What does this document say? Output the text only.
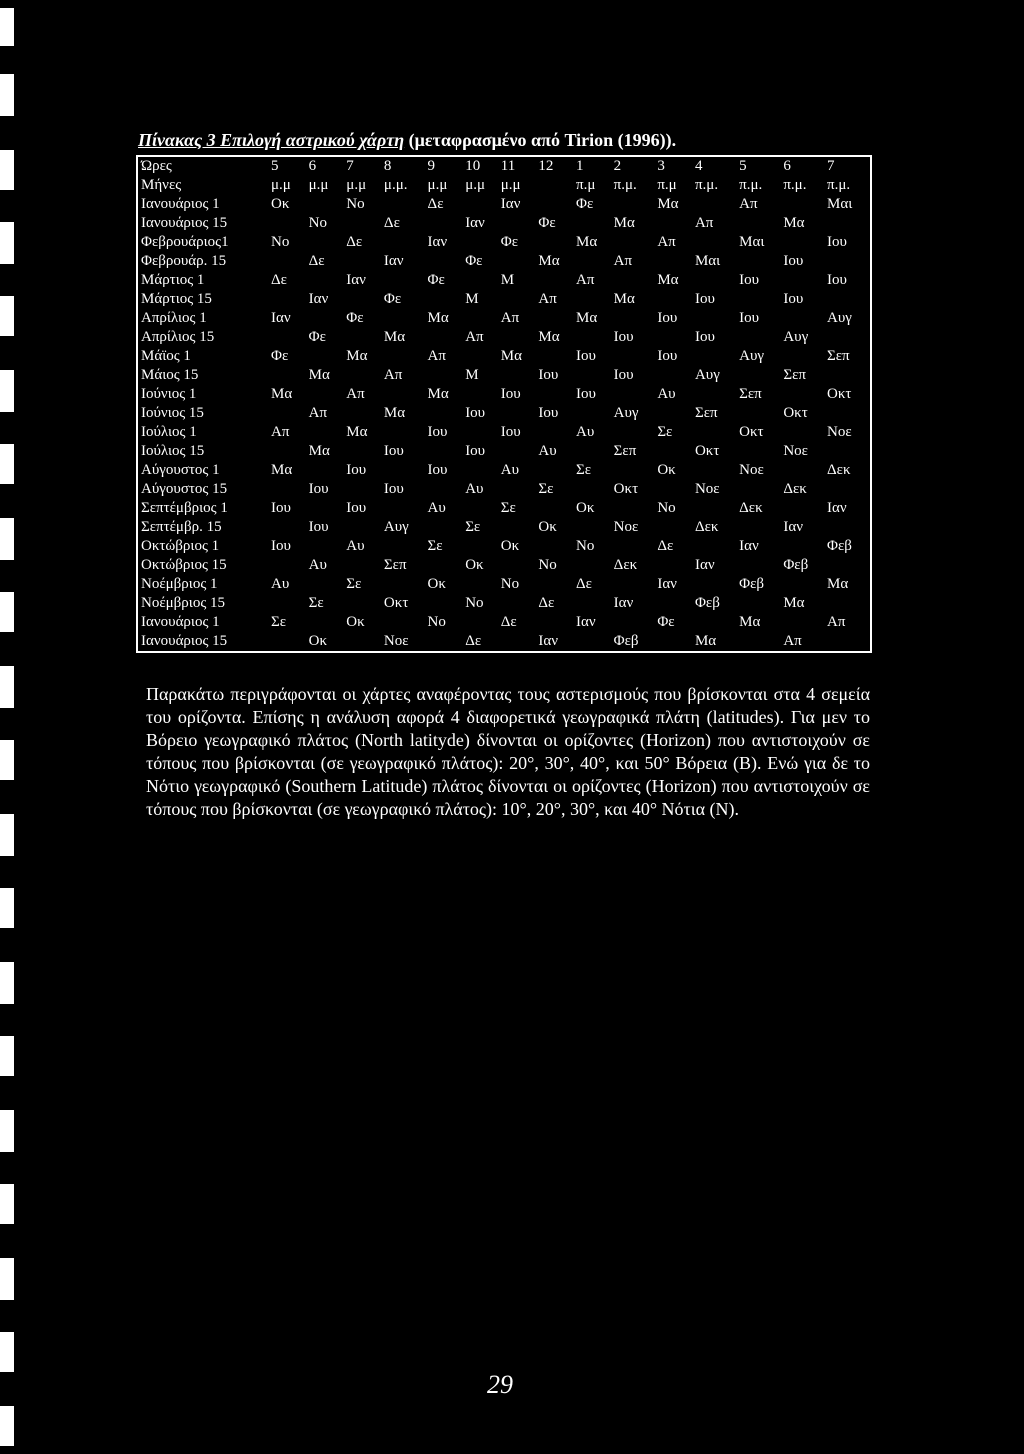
Πίνακας 3 Επιλογή αστρικού χάρτη (μεταφρασμένο από Tirion (1996)).
Ώρες	5	6	7	8	9	10	11	12	1	2	3	4	5	6	7
Μήνες	μ.μ	μ.μ	μ.μ	μ.μ.	μ.μ	μ.μ	μ.μ		π.μ	π.μ.	π.μ	π.μ.	π.μ.	π.μ.	π.μ.
Ιανουάριος 1	Οκ		Νο		Δε		Ιαν		Φε		Μα		Απ		Μαι
Ιανουάριος 15		Νο		Δε		Ιαν		Φε		Μα		Απ		Μα	
Φεβρουάριος1	Νο		Δε		Ιαν		Φε		Μα		Απ		Μαι		Ιου
Φεβρουάρ. 15		Δε		Ιαν		Φε		Μα		Απ		Μαι		Ιου	
Μάρτιος 1	Δε		Ιαν		Φε		Μ		Απ		Μα		Ιου		Ιου
Μάρτιος 15		Ιαν		Φε		Μ		Απ		Μα		Ιου		Ιου	
Απρίλιος 1	Ιαν		Φε		Μα		Απ		Μα		Ιου		Ιου		Αυγ
Απρίλιος 15		Φε		Μα		Απ		Μα		Ιου		Ιου		Αυγ	
Μάϊος 1	Φε		Μα		Απ		Μα		Ιου		Ιου		Αυγ		Σεπ
Μάιος 15		Μα		Απ		Μ		Ιου		Ιου		Αυγ		Σεπ	
Ιούνιος 1	Μα		Απ		Μα		Ιου		Ιου		Αυ		Σεπ		Οκτ
Ιούνιος 15		Απ		Μα		Ιου		Ιου		Αυγ		Σεπ		Οκτ	
Ιούλιος 1	Απ		Μα		Ιου		Ιου		Αυ		Σε		Οκτ		Νοε
Ιούλιος 15		Μα		Ιου		Ιου		Αυ		Σεπ		Οκτ		Νοε	
Αύγουστος 1	Μα		Ιου		Ιου		Αυ		Σε		Οκ		Νοε		Δεκ
Αύγουστος 15		Ιου		Ιου		Αυ		Σε		Οκτ		Νοε		Δεκ	
Σεπτέμβριος 1	Ιου		Ιου		Αυ		Σε		Οκ		Νο		Δεκ		Ιαν
Σεπτέμβρ. 15		Ιου		Αυγ		Σε		Οκ		Νοε		Δεκ		Ιαν	
Οκτώβριος 1	Ιου		Αυ		Σε		Οκ		Νο		Δε		Ιαν		Φεβ
Οκτώβριος 15		Αυ		Σεπ		Οκ		Νο		Δεκ		Ιαν		Φεβ	
Νοέμβριος 1	Αυ		Σε		Οκ		Νο		Δε		Ιαν		Φεβ		Μα
Νοέμβριος 15		Σε		Οκτ		Νο		Δε		Ιαν		Φεβ		Μα	
Ιανουάριος 1	Σε		Οκ		Νο		Δε		Ιαν		Φε		Μα		Απ
Ιανουάριος 15		Οκ		Νοε		Δε		Ιαν		Φεβ		Μα		Απ	
Παρακάτω περιγράφονται οι χάρτες αναφέροντας τους αστερισμούς που βρίσκονται στα 4 σεμεία του ορίζοντα. Επίσης η ανάλυση αφορά 4 διαφορετικά γεωγραφικά πλάτη (latitudes). Για μεν το Βόρειο γεωγραφικό πλάτος (North latityde) δίνονται οι ορίζοντες (Horizon) που αντιστοιχούν σε τόπους που βρίσκονται (σε γεωγραφικό πλάτος): 20°, 30°, 40°, και 50° Βόρεια (Β). Ενώ για δε το Νότιο γεωγραφικό (Southern Latitude) πλάτος δίνονται οι ορίζοντες (Horizon) που αντιστοιχούν σε τόπους που βρίσκονται (σε γεωγραφικό πλάτος): 10°, 20°, 30°, και 40° Νότια (Ν).
29
